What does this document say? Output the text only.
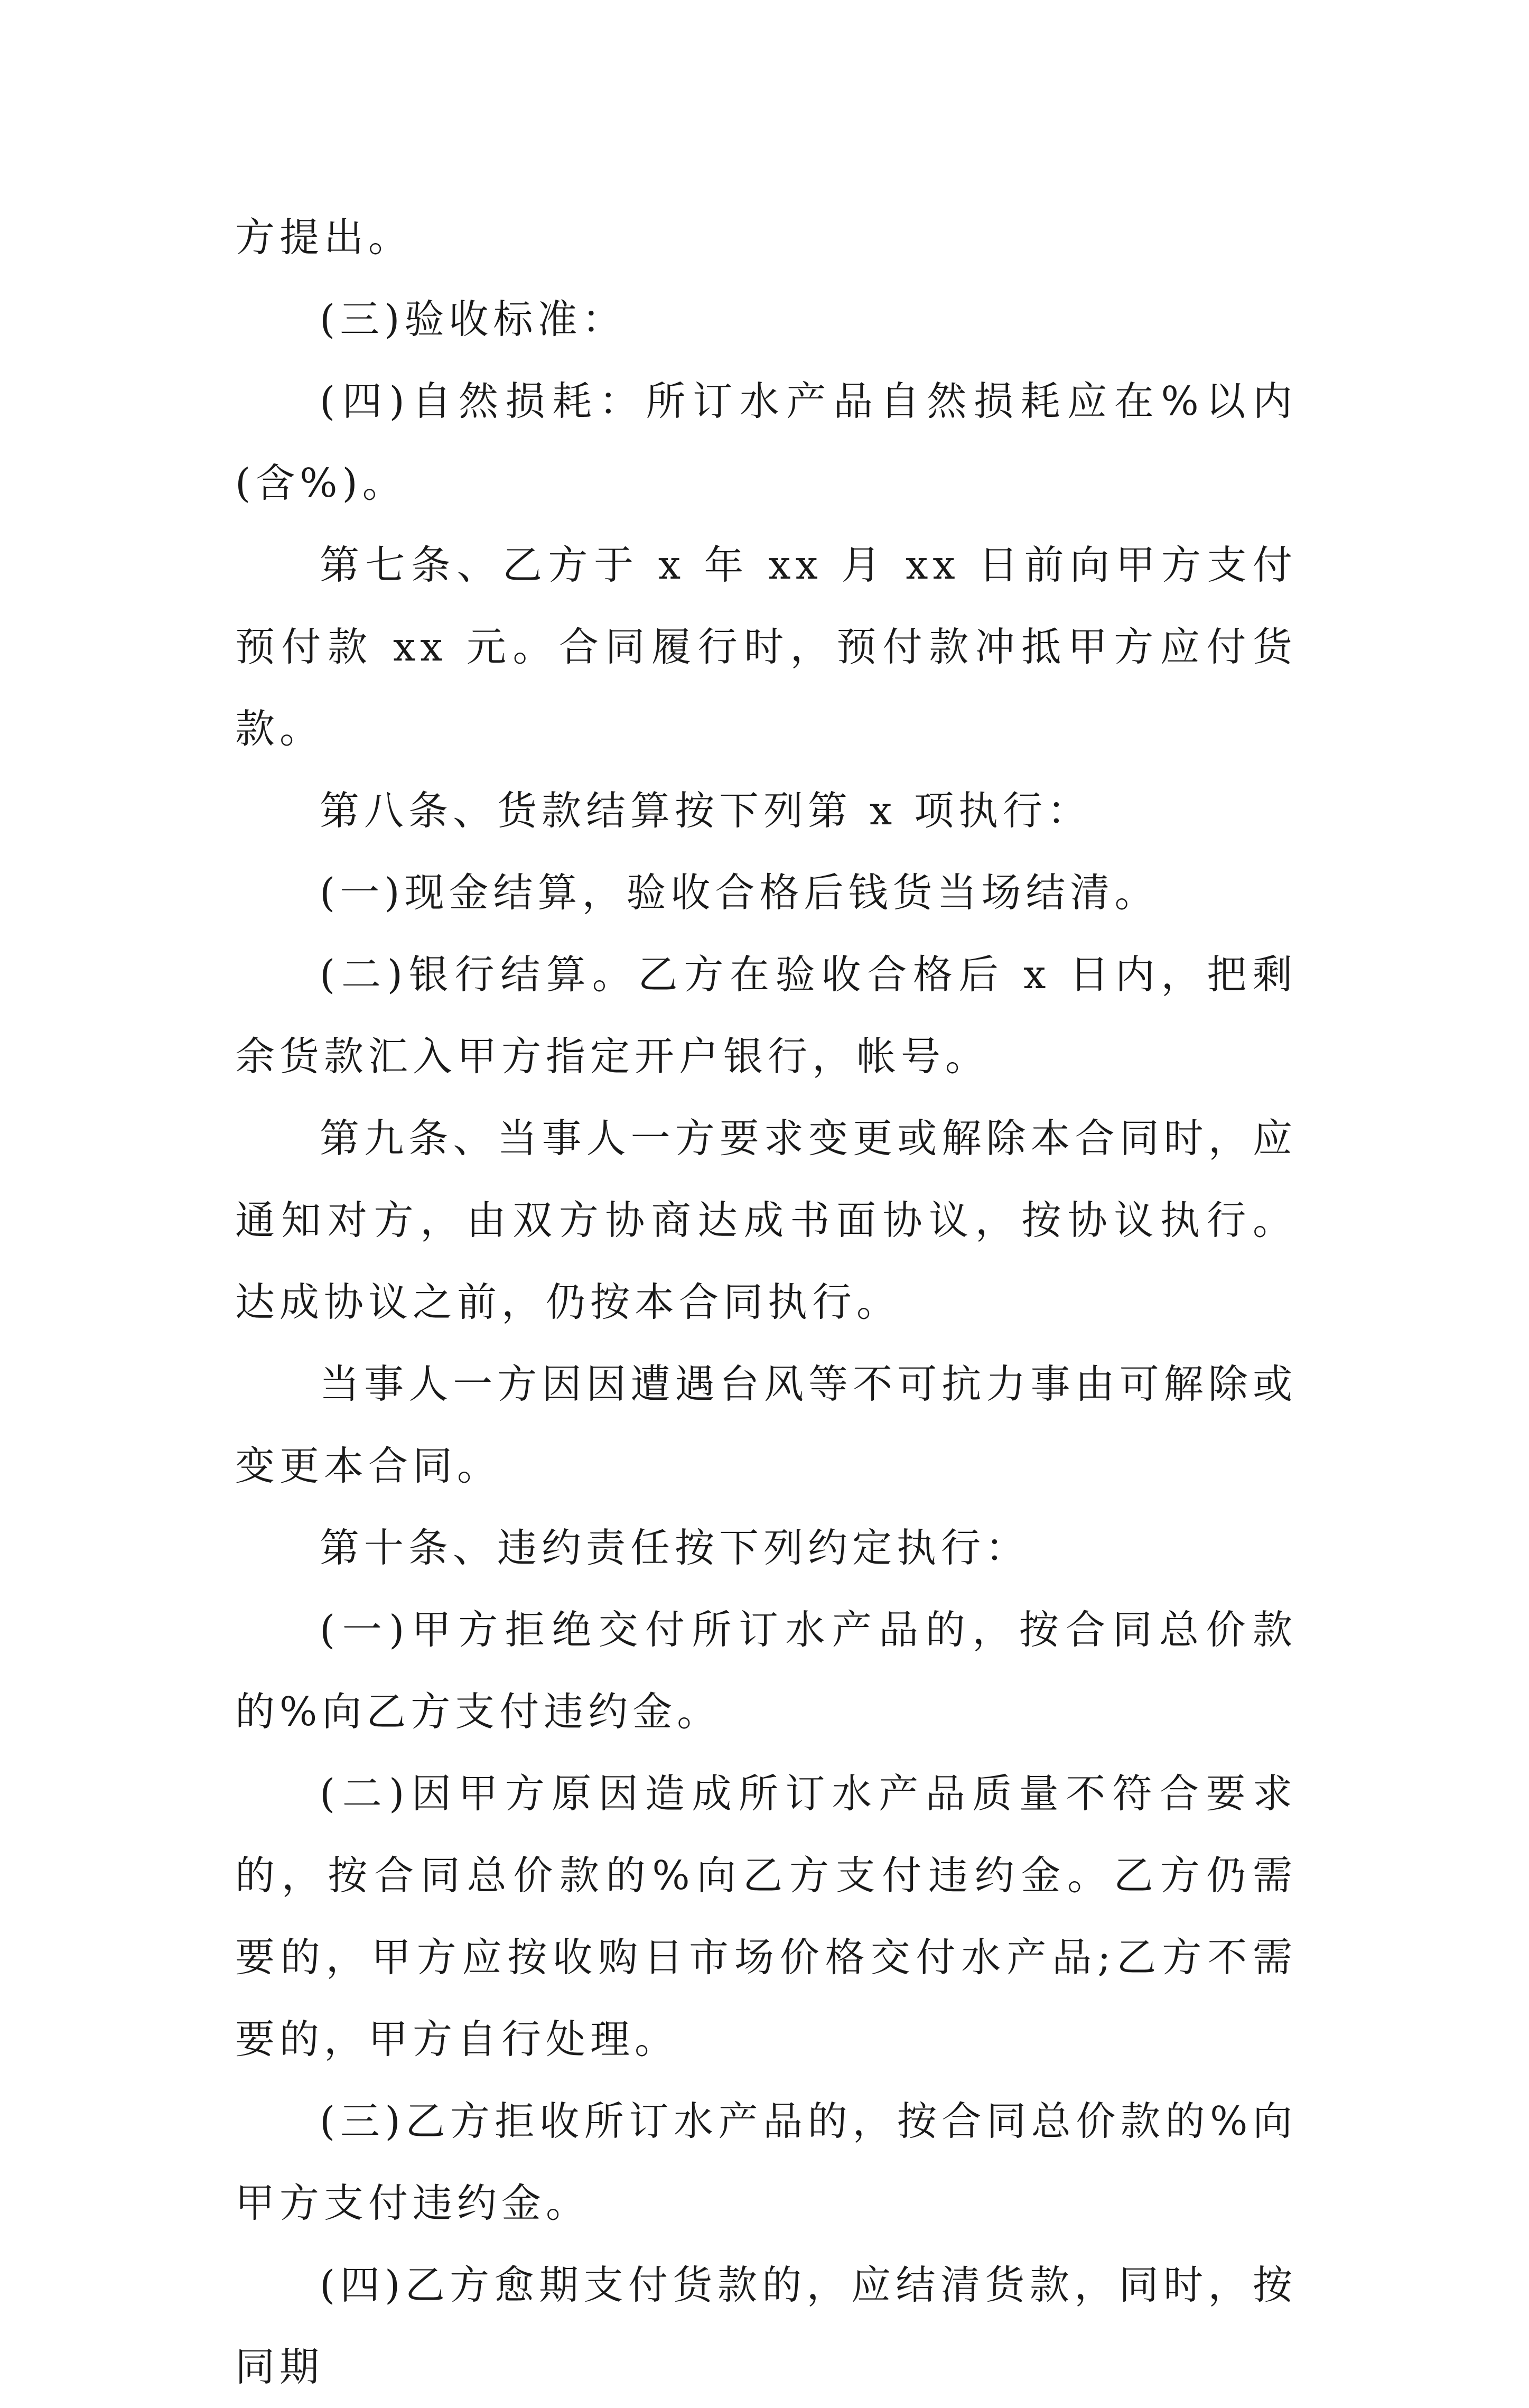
方提出。

(三)验收标准：

(四)自然损耗：所订水产品自然损耗应在%以内(含%)。

第七条、乙方于 x 年 xx 月 xx 日前向甲方支付预付款 xx 元。合同履行时，预付款冲抵甲方应付货款。

第八条、货款结算按下列第 x 项执行：

(一)现金结算，验收合格后钱货当场结清。

(二)银行结算。乙方在验收合格后 x 日内，把剩余货款汇入甲方指定开户银行，帐号。

第九条、当事人一方要求变更或解除本合同时，应通知对方，由双方协商达成书面协议，按协议执行。达成协议之前，仍按本合同执行。

当事人一方因因遭遇台风等不可抗力事由可解除或变更本合同。

第十条、违约责任按下列约定执行：

(一)甲方拒绝交付所订水产品的，按合同总价款的%向乙方支付违约金。

(二)因甲方原因造成所订水产品质量不符合要求的，按合同总价款的%向乙方支付违约金。乙方仍需要的，甲方应按收购日市场价格交付水产品;乙方不需要的，甲方自行处理。

(三)乙方拒收所订水产品的，按合同总价款的%向甲方支付违约金。

(四)乙方愈期支付货款的，应结清货款，同时，按同期
